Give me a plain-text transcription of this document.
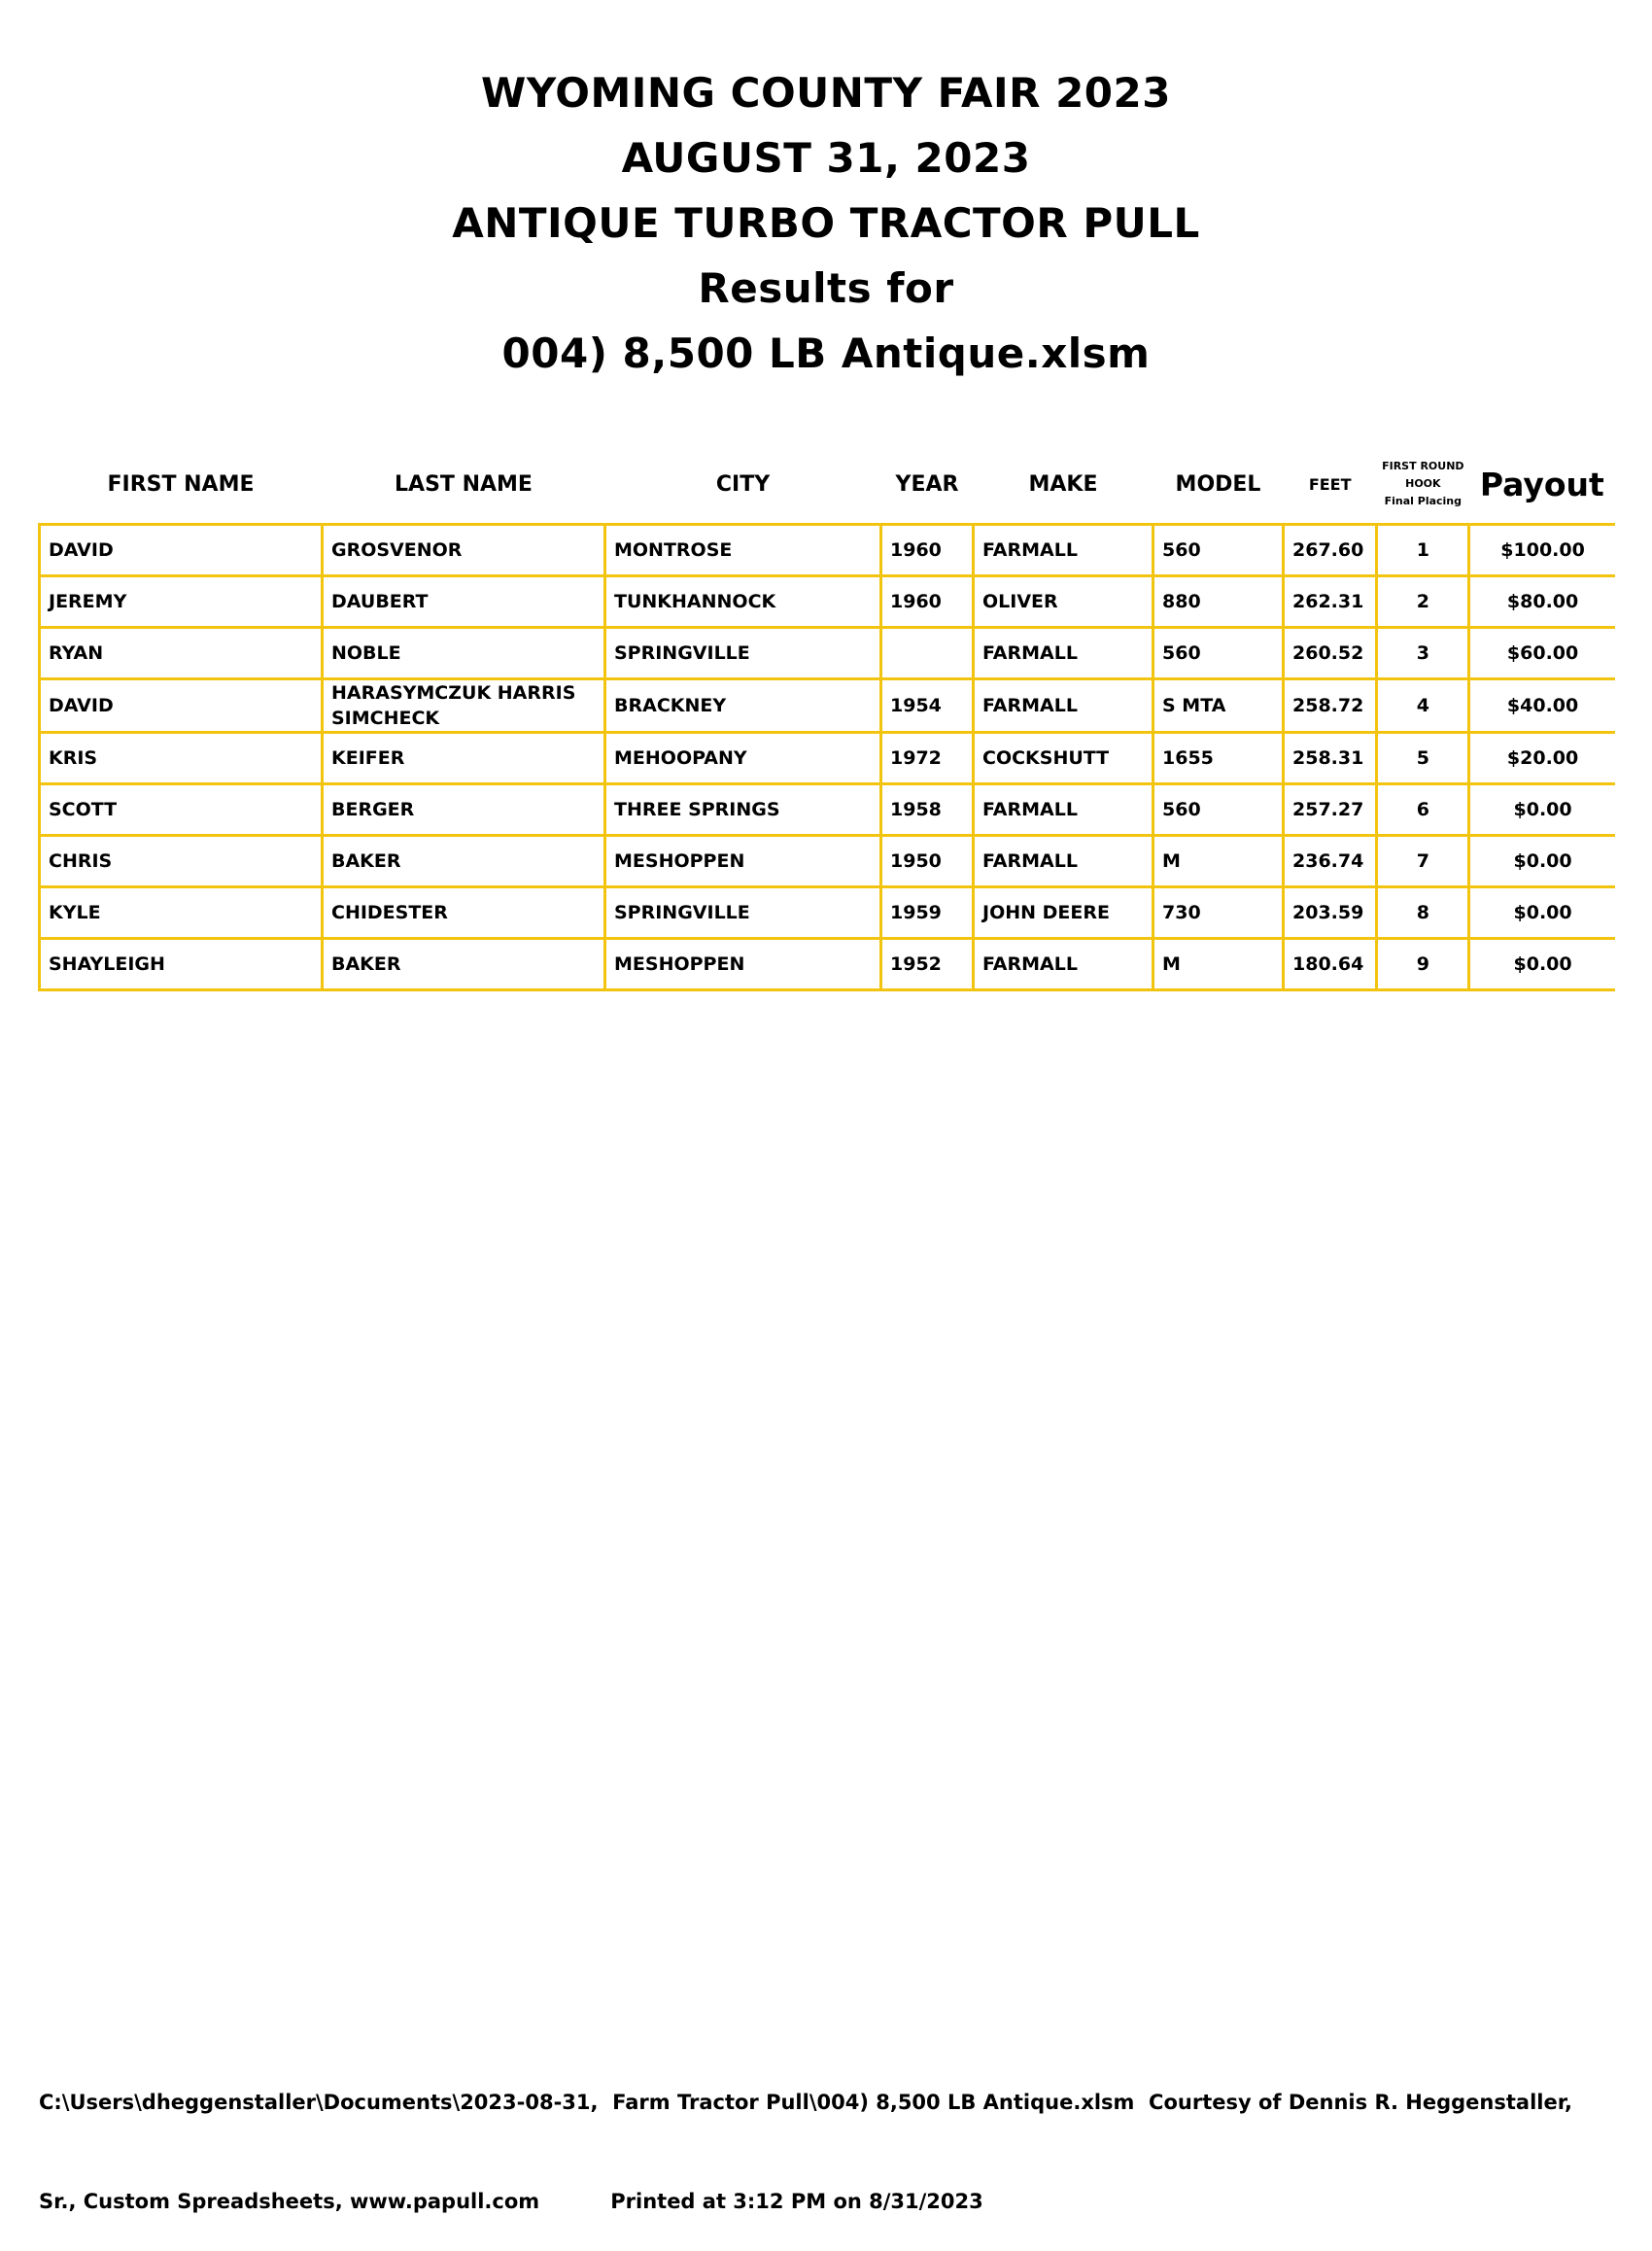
WYOMING COUNTY FAIR 2023
AUGUST 31, 2023
ANTIQUE TURBO TRACTOR PULL
Results for
004) 8,500 LB Antique.xlsm
FIRST NAME	LAST NAME	CITY	YEAR	MAKE	MODEL	FEET	FIRST ROUND
HOOK
Final Placing	Payout
DAVID	GROSVENOR	MONTROSE	1960	FARMALL	560	267.60	1	$100.00
JEREMY	DAUBERT	TUNKHANNOCK	1960	OLIVER	880	262.31	2	$80.00
RYAN	NOBLE	SPRINGVILLE		FARMALL	560	260.52	3	$60.00
DAVID	HARASYMCZUK HARRIS SIMCHECK	BRACKNEY	1954	FARMALL	S MTA	258.72	4	$40.00
KRIS	KEIFER	MEHOOPANY	1972	COCKSHUTT	1655	258.31	5	$20.00
SCOTT	BERGER	THREE SPRINGS	1958	FARMALL	560	257.27	6	$0.00
CHRIS	BAKER	MESHOPPEN	1950	FARMALL	M	236.74	7	$0.00
KYLE	CHIDESTER	SPRINGVILLE	1959	JOHN DEERE	730	203.59	8	$0.00
SHAYLEIGH	BAKER	MESHOPPEN	1952	FARMALL	M	180.64	9	$0.00

C:\Users\dheggenstaller\Documents\2023-08-31,  Farm Tractor Pull\004) 8,500 LB Antique.xlsm  Courtesy of Dennis R. Heggenstaller,

Sr., Custom Spreadsheets, www.papull.com          Printed at 3:12 PM on 8/31/2023
